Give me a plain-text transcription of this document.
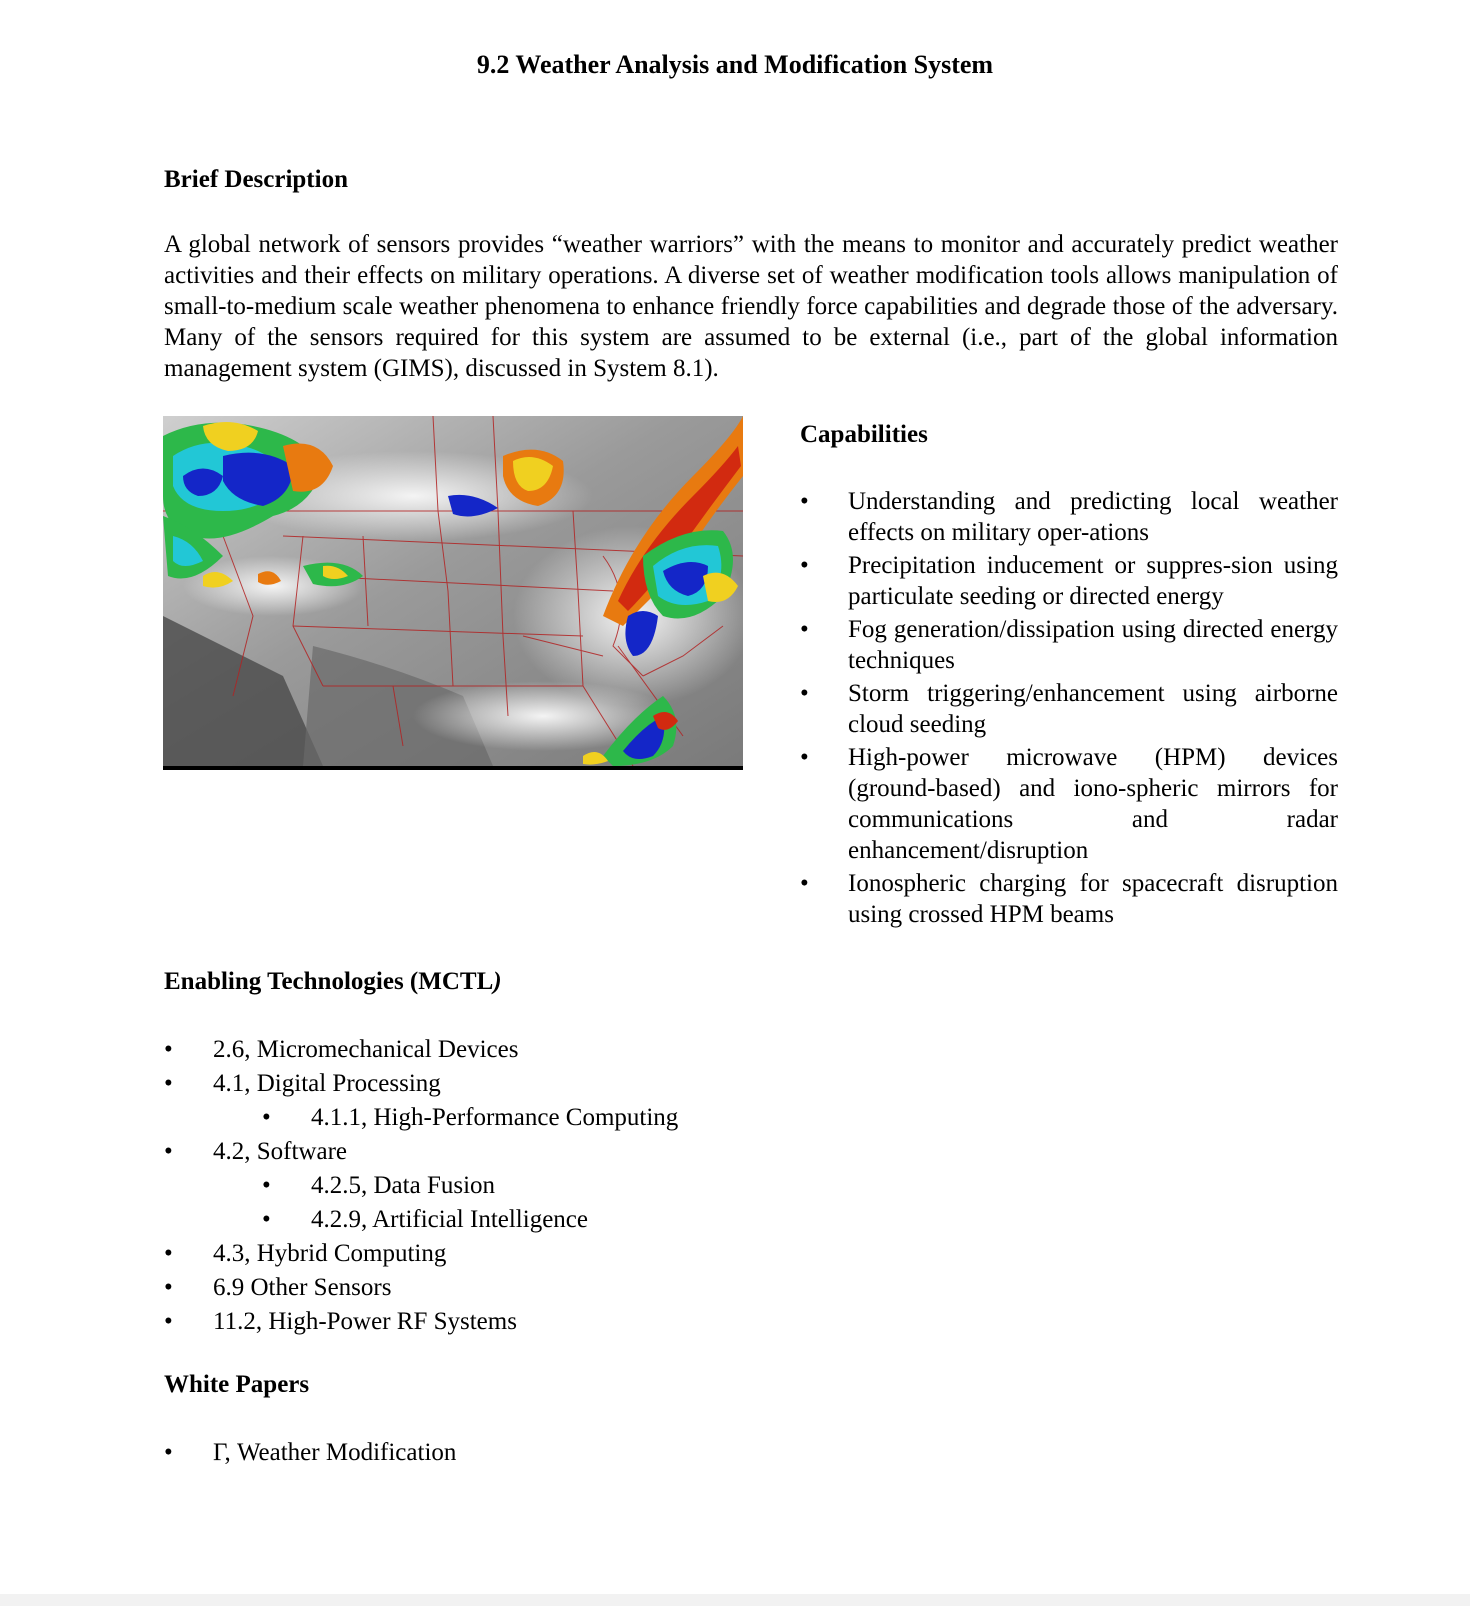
9.2 Weather Analysis and Modification System
Brief Description
A global network of sensors provides “weather warriors” with the means to monitor and accurately predict weather activities and their effects on military operations. A diverse set of weather modification tools allows manipulation of small-to-medium scale weather phenomena to enhance friendly force capabilities and degrade those of the adversary. Many of the sensors required for this system are assumed to be external (i.e., part of the global information management system (GIMS), discussed in System 8.1).
Capabilities
• Understanding and predicting local weather effects on military oper-ations
• Precipitation inducement or suppres-sion using particulate seeding or directed energy
• Fog generation/dissipation using directed energy techniques
• Storm triggering/enhancement using airborne cloud seeding
• High-power microwave (HPM) devices (ground-based) and iono-spheric mirrors for communications and radar enhancement/disruption
• Ionospheric charging for spacecraft disruption using crossed HPM beams
Enabling Technologies (MCTL)
• 2.6, Micromechanical Devices
• 4.1, Digital Processing
• 4.1.1, High-Performance Computing
• 4.2, Software
• 4.2.5, Data Fusion
• 4.2.9, Artificial Intelligence
• 4.3, Hybrid Computing
• 6.9 Other Sensors
• 11.2, High-Power RF Systems
White Papers
• Γ, Weather Modification
